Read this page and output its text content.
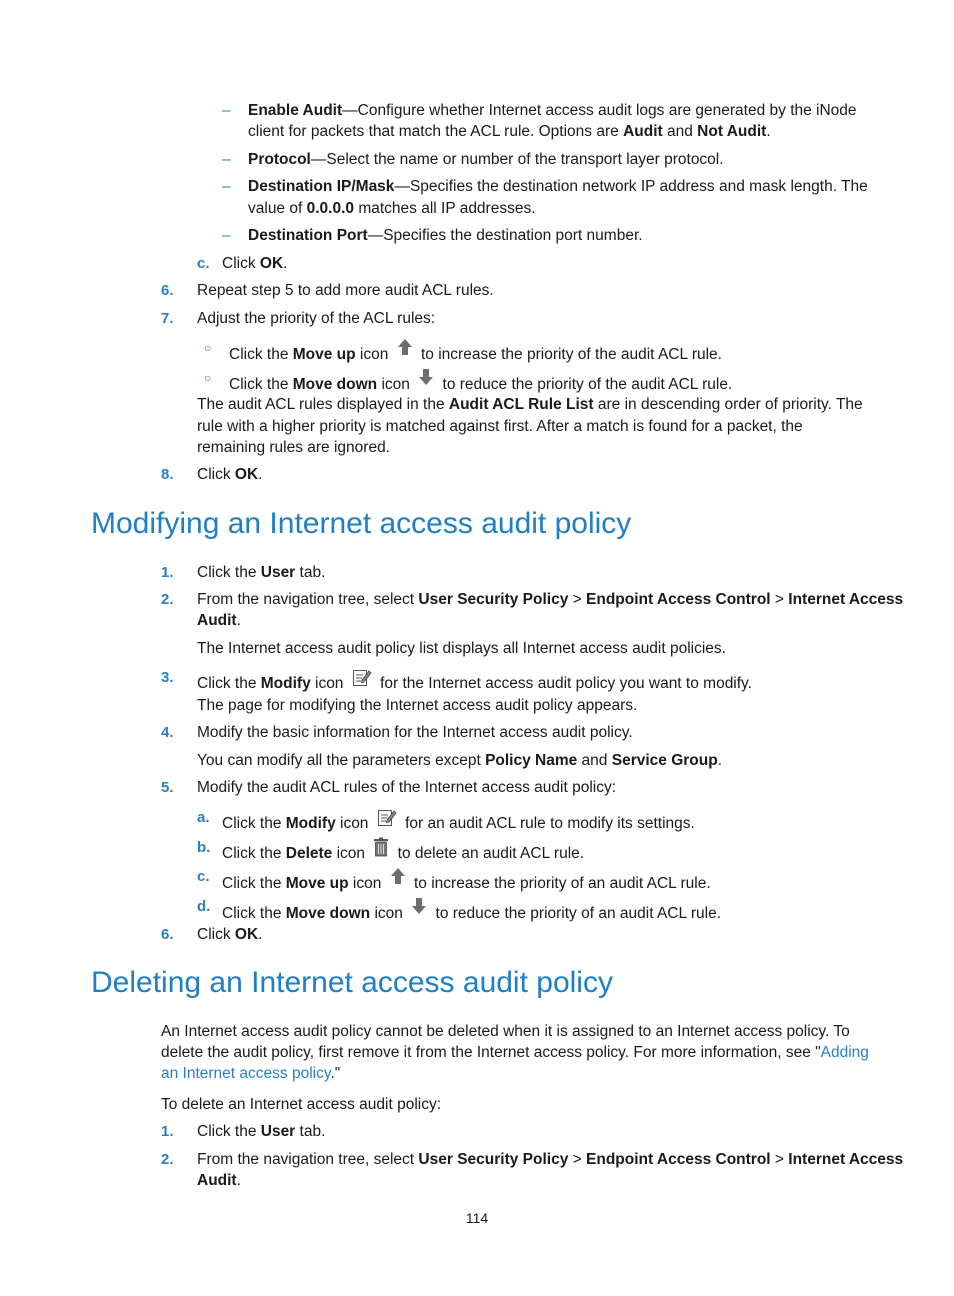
– Enable Audit—Configure whether Internet access audit logs are generated by the iNode
client for packets that match the ACL rule. Options are Audit and Not Audit.
– Protocol—Select the name or number of the transport layer protocol.
– Destination IP/Mask—Specifies the destination network IP address and mask length. The
value of 0.0.0.0 matches all IP addresses.
– Destination Port—Specifies the destination port number.
c. Click OK.
6. Repeat step 5 to add more audit ACL rules.
7. Adjust the priority of the ACL rules:
○ Click the Move up icon to increase the priority of the audit ACL rule.
○ Click the Move down icon to reduce the priority of the audit ACL rule.
The audit ACL rules displayed in the Audit ACL Rule List are in descending order of priority. The
rule with a higher priority is matched against first. After a match is found for a packet, the
remaining rules are ignored.
8. Click OK.
Modifying an Internet access audit policy
1. Click the User tab.
2. From the navigation tree, select User Security Policy > Endpoint Access Control > Internet Access
Audit.
The Internet access audit policy list displays all Internet access audit policies.
3. Click the Modify icon for the Internet access audit policy you want to modify.
The page for modifying the Internet access audit policy appears.
4. Modify the basic information for the Internet access audit policy.
You can modify all the parameters except Policy Name and Service Group.
5. Modify the audit ACL rules of the Internet access audit policy:
a. Click the Modify icon for an audit ACL rule to modify its settings.
b. Click the Delete icon to delete an audit ACL rule.
c. Click the Move up icon to increase the priority of an audit ACL rule.
d. Click the Move down icon to reduce the priority of an audit ACL rule.
6. Click OK.
Deleting an Internet access audit policy
An Internet access audit policy cannot be deleted when it is assigned to an Internet access policy. To
delete the audit policy, first remove it from the Internet access policy. For more information, see "Adding
an Internet access policy."
To delete an Internet access audit policy:
1. Click the User tab.
2. From the navigation tree, select User Security Policy > Endpoint Access Control > Internet Access
Audit.
114
